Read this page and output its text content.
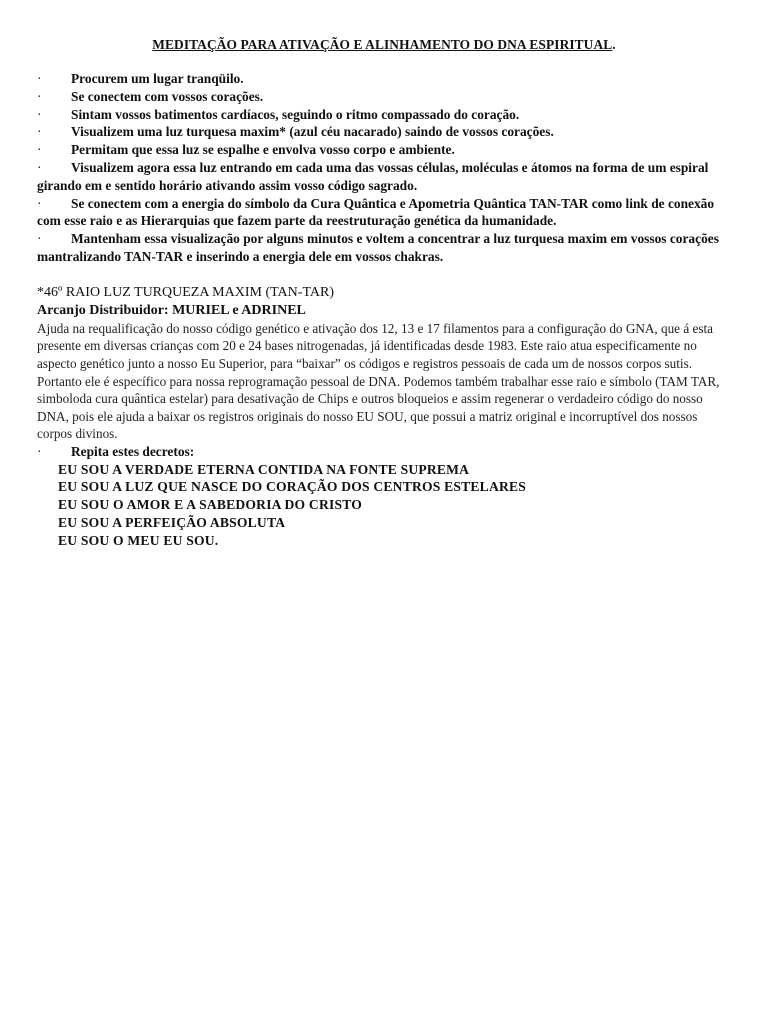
MEDITAÇÃO PARA ATIVAÇÃO E ALINHAMENTO DO DNA ESPIRITUAL.
· Procurem um lugar tranqüilo.
· Se conectem com vossos corações.
· Sintam vossos batimentos cardíacos, seguindo o ritmo compassado do coração.
· Visualizem uma luz turquesa maxim* (azul céu nacarado) saindo de vossos corações.
· Permitam que essa luz se espalhe e envolva vosso corpo e ambiente.
· Visualizem agora essa luz entrando em cada uma das vossas células, moléculas e átomos na forma de um espiral girando em e sentido horário ativando assim vosso código sagrado.
· Se conectem com a energia do símbolo da Cura Quântica e Apometria Quântica TAN-TAR como link de conexão com esse raio e as Hierarquias que fazem parte da reestruturação genética da humanidade.
· Mantenham essa visualização por alguns minutos e voltem a concentrar a luz turquesa maxim em vossos corações mantralizando TAN-TAR e inserindo a energia dele em vossos chakras.
*46º RAIO LUZ TURQUEZA MAXIM (TAN-TAR)
Arcanjo Distribuidor: MURIEL e ADRINEL
Ajuda na requalificação do nosso código genético e ativação dos 12, 13 e 17 filamentos para a configuração do GNA, que á esta presente em diversas crianças com 20 e 24 bases nitrogenadas, já identificadas desde 1983. Este raio atua especificamente no aspecto genético junto a nosso Eu Superior, para “baixar” os códigos e registros pessoais de cada um de nossos corpos sutis. Portanto ele é específico para nossa reprogramação pessoal de DNA. Podemos também trabalhar esse raio e símbolo (TAM TAR, simboloda cura quântica estelar) para desativação de Chips e outros bloqueios e assim regenerar o verdadeiro código do nosso DNA, pois ele ajuda a baixar os registros originais do nosso EU SOU, que possui a matriz original e incorruptível dos nossos corpos divinos.
· Repita estes decretos:
EU SOU A VERDADE ETERNA CONTIDA NA FONTE SUPREMA
EU SOU A LUZ QUE NASCE DO CORAÇÃO DOS CENTROS ESTELARES
EU SOU O AMOR E A SABEDORIA DO CRISTO
EU SOU A PERFEIÇÃO ABSOLUTA
EU SOU O MEU EU SOU.
